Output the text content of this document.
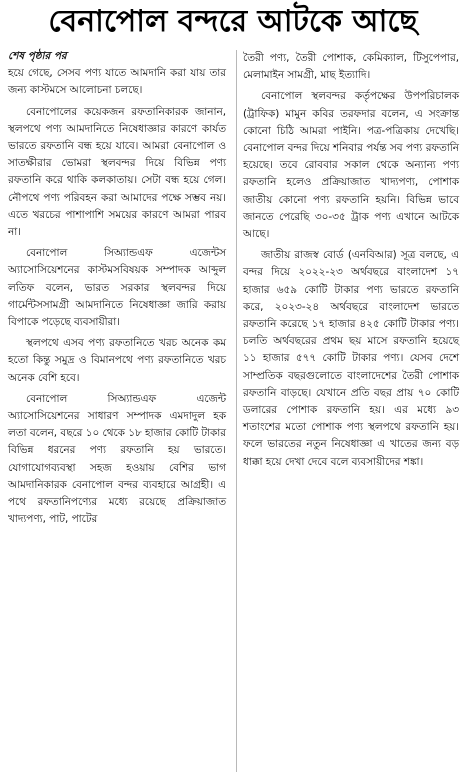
বেনাপোল বন্দরে আটকে আছে
শেষ পৃষ্ঠার পর

হয়ে গেছে, সেসব পণ্য যাতে আমদানি করা যায় তার জন্য কাস্টমসে আলোচনা চলছে।

বেনাপোলের কয়েকজন রফতানিকারক জানান, স্থলপথে পণ্য আমদানিতে নিষেধাজ্ঞার কারণে কার্যত ভারতে রফতানি বন্ধ হয়ে যাবে। আমরা বেনাপোল ও সাতক্ষীরার ভোমরা স্থলবন্দর দিয়ে বিভিন্ন পণ্য রফতানি করে থাকি কলকাতায়। সেটা বন্ধ হয়ে গেল। নৌপথে পণ্য পরিবহন করা আমাদের পক্ষে সম্ভব নয়। এতে খরচের পাশাপাশি সময়ের কারণে আমরা পারব না।

বেনাপোল সিঅ্যান্ডএফ এজেন্টস অ্যাসোসিয়েশনের কাস্টমসবিষয়ক সম্পাদক আব্দুল লতিফ বলেন, ভারত সরকার স্থলবন্দর দিয়ে গার্মেন্টসসামগ্রী আমদানিতে নিষেধাজ্ঞা জারি করায় বিপাকে পড়েছে ব্যবসায়ীরা।

স্থলপথে এসব পণ্য রফতানিতে খরচ অনেক কম হতো কিন্তু সমুদ্র ও বিমানপথে পণ্য রফতানিতে খরচ অনেক বেশি হবে।

বেনাপোল সিঅ্যান্ডএফ এজেন্ট অ্যাসোসিয়েশনের সাধারণ সম্পাদক এমদাদুল হক লতা বলেন, বছরে ১০ থেকে ১৮ হাজার কোটি টাকার বিভিন্ন ধরনের পণ্য রফতানি হয় ভারতে। যোগাযোগব্যবস্থা সহজ হওয়ায় বেশির ভাগ আমদানিকারক বেনাপোল বন্দর ব্যবহারে আগ্রহী। এ পথে রফতানিপণ্যের মধ্যে রয়েছে প্রক্রিয়াজাত খাদ্যপণ্য, পাট, পাটের

তৈরী পণ্য, তৈরী পোশাক, কেমিক্যাল, টিসুপেপার, মেলামাইন সামগ্রী, মাছ ইত্যাদি।

বেনাপোল স্থলবন্দর কর্তৃপক্ষের উপপরিচালক (ট্রাফিক) মামুন কবির তরফদার বলেন, এ সংক্রান্ত কোনো চিঠি আমরা পাইনি। পত্র-পত্রিকায় দেখেছি। বেনাপোল বন্দর দিয়ে শনিবার পর্যন্ত সব পণ্য রফতানি হয়েছে। তবে রোববার সকাল থেকে অন্যান্য পণ্য রফতানি হলেও প্রক্রিয়াজাত খাদ্যপণ্য, পোশাক জাতীয় কোনো পণ্য রফতানি হয়নি। বিভিন্ন ভাবে জানতে পেরেছি ৩০-৩৫ ট্রাক পণ্য এখানে আটকে আছে।

জাতীয় রাজস্ব বোর্ড (এনবিআর) সূত্র বলছে, এ বন্দর দিয়ে ২০২২-২৩ অর্থবছরে বাংলাদেশ ১৭ হাজার ৬৫৯ কোটি টাকার পণ্য ভারতে রফতানি করে, ২০২৩-২৪ অর্থবছরে বাংলাদেশ ভারতে রফতানি করেছে ১৭ হাজার ৪২৫ কোটি টাকার পণ্য। চলতি অর্থবছরের প্রথম ছয় মাসে রফতানি হয়েছে ১১ হাজার ৫৭৭ কোটি টাকার পণ্য। যেসব দেশে সাম্প্রতিক বছরগুলোতে বাংলাদেশের তৈরী পোশাক রফতানি বাড়ছে। যেখানে প্রতি বছর প্রায় ৭০ কোটি ডলারের পোশাক রফতানি হয়। এর মধ্যে ৯৩ শতাংশের মতো পোশাক পণ্য স্থলপথে রফতানি হয়। ফলে ভারতের নতুন নিষেধাজ্ঞা এ খাতের জন্য বড় ধাক্কা হয়ে দেখা দেবে বলে ব্যবসায়ীদের শঙ্কা।
